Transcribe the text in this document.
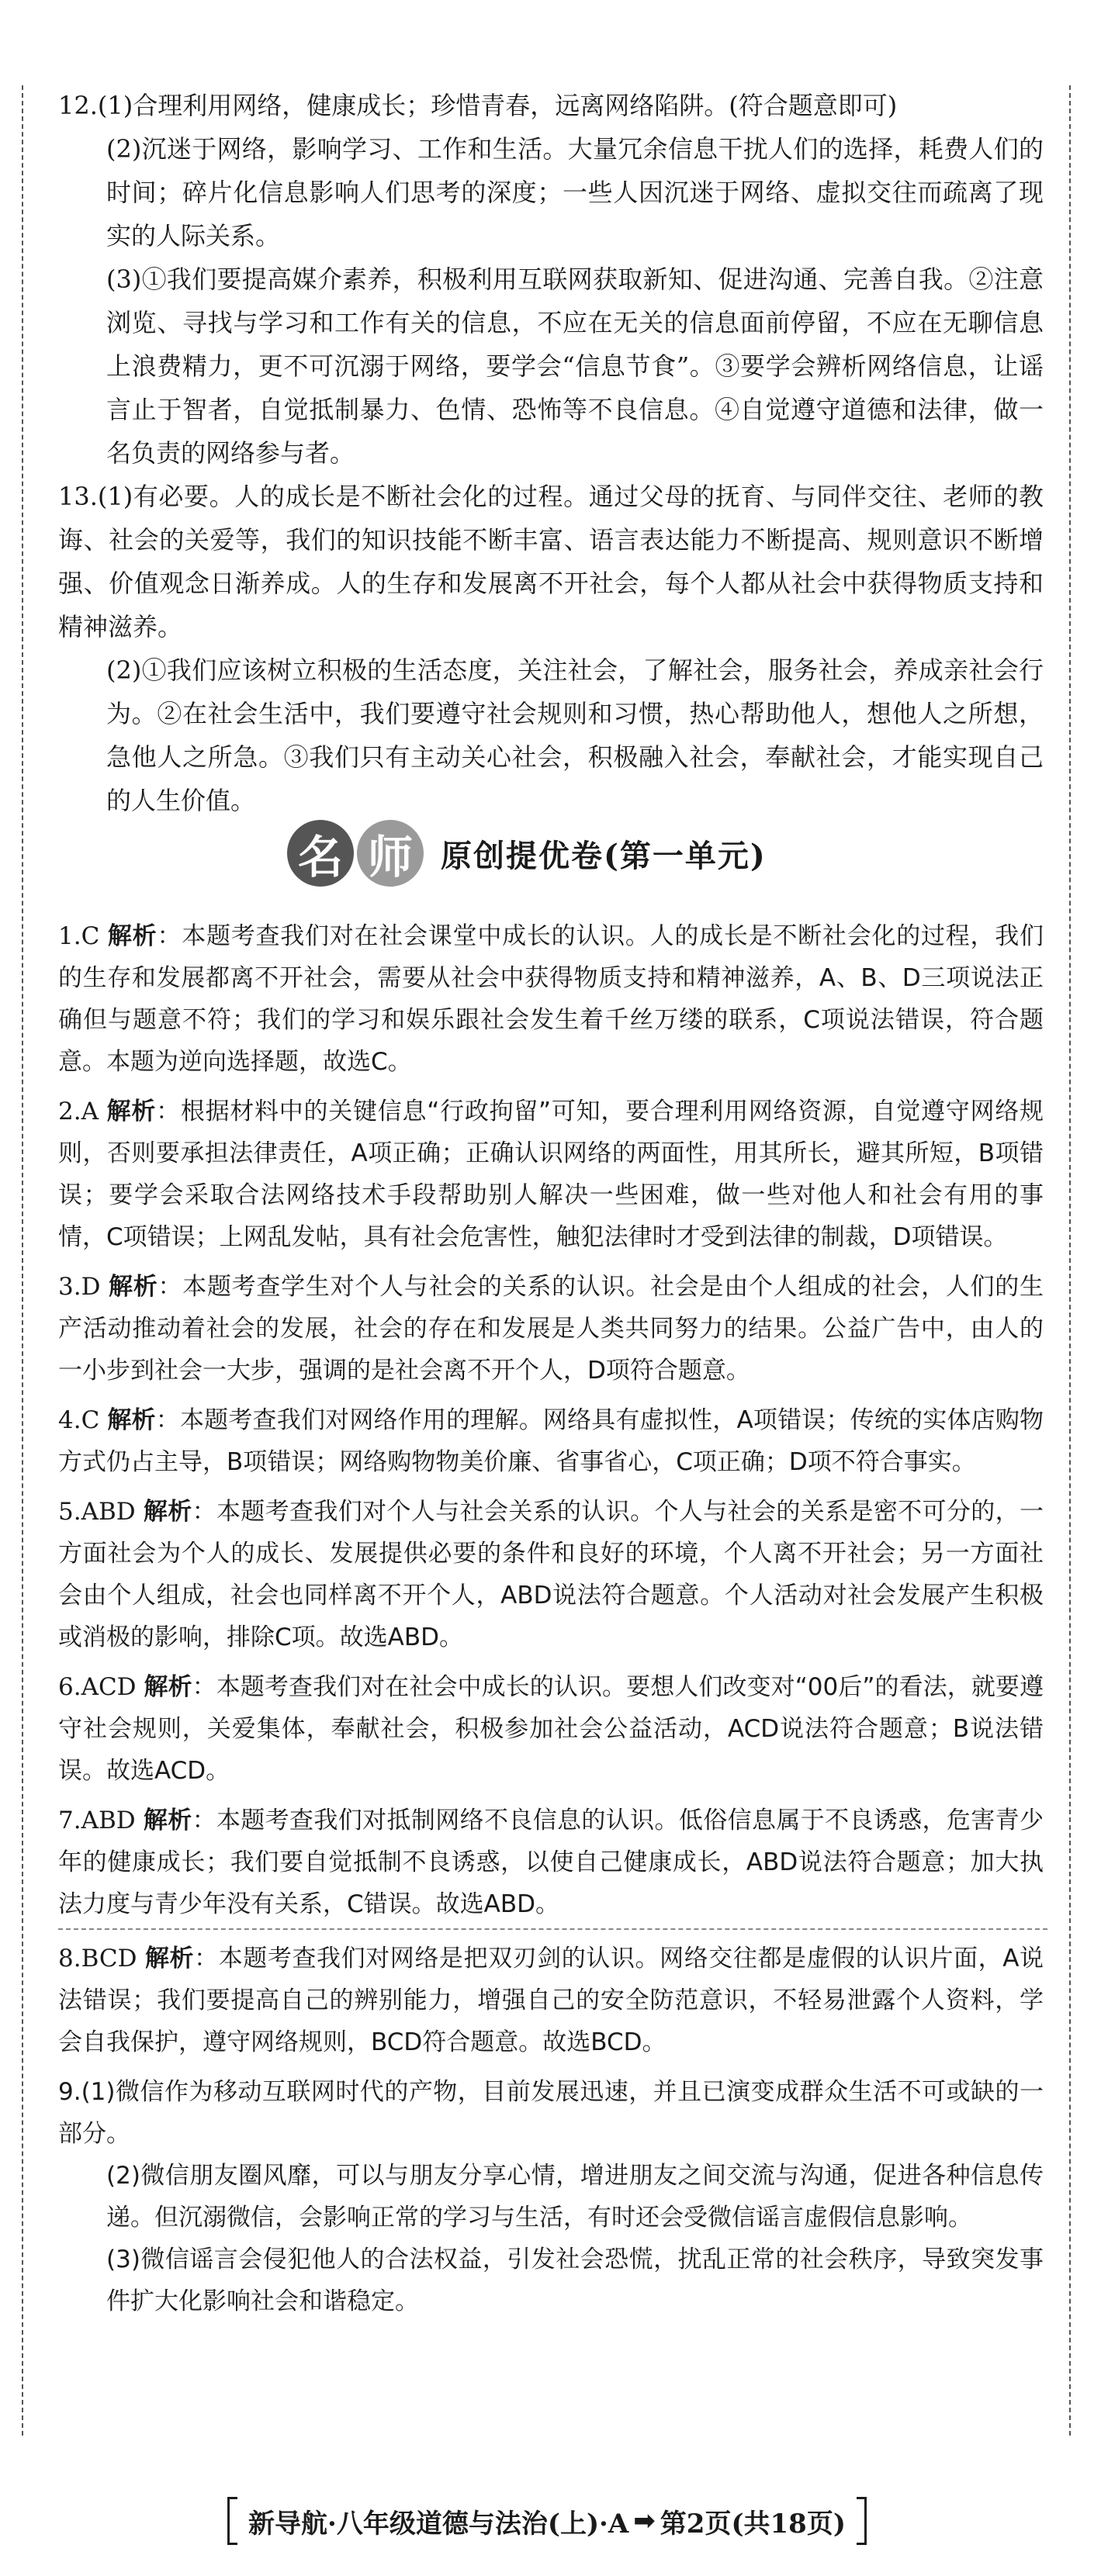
12.(1)合理利用网络，健康成长；珍惜青春，远离网络陷阱。(符合题意即可)

(2)沉迷于网络，影响学习、工作和生活。大量冗余信息干扰人们的选择，耗费人们的时间；碎片化信息影响人们思考的深度；一些人因沉迷于网络、虚拟交往而疏离了现实的人际关系。

(3)①我们要提高媒介素养，积极利用互联网获取新知、促进沟通、完善自我。②注意浏览、寻找与学习和工作有关的信息，不应在无关的信息面前停留，不应在无聊信息上浪费精力，更不可沉溺于网络，要学会“信息节食”。③要学会辨析网络信息，让谣言止于智者，自觉抵制暴力、色情、恐怖等不良信息。④自觉遵守道德和法律，做一名负责的网络参与者。

13.(1)有必要。人的成长是不断社会化的过程。通过父母的抚育、与同伴交往、老师的教诲、社会的关爱等，我们的知识技能不断丰富、语言表达能力不断提高、规则意识不断增强、价值观念日渐养成。人的生存和发展离不开社会，每个人都从社会中获得物质支持和精神滋养。

(2)①我们应该树立积极的生活态度，关注社会，了解社会，服务社会，养成亲社会行为。②在社会生活中，我们要遵守社会规则和习惯，热心帮助他人，想他人之所想，急他人之所急。③我们只有主动关心社会，积极融入社会，奉献社会，才能实现自己的人生价值。

名 师 原创提优卷(第一单元)

1.C 解析：本题考查我们对在社会课堂中成长的认识。人的成长是不断社会化的过程，我们的生存和发展都离不开社会，需要从社会中获得物质支持和精神滋养，A、B、D三项说法正确但与题意不符；我们的学习和娱乐跟社会发生着千丝万缕的联系，C项说法错误，符合题意。本题为逆向选择题，故选C。

2.A 解析：根据材料中的关键信息“行政拘留”可知，要合理利用网络资源，自觉遵守网络规则，否则要承担法律责任，A项正确；正确认识网络的两面性，用其所长，避其所短，B项错误；要学会采取合法网络技术手段帮助别人解决一些困难，做一些对他人和社会有用的事情，C项错误；上网乱发帖，具有社会危害性，触犯法律时才受到法律的制裁，D项错误。

3.D 解析：本题考查学生对个人与社会的关系的认识。社会是由个人组成的社会，人们的生产活动推动着社会的发展，社会的存在和发展是人类共同努力的结果。公益广告中，由人的一小步到社会一大步，强调的是社会离不开个人，D项符合题意。

4.C 解析：本题考查我们对网络作用的理解。网络具有虚拟性，A项错误；传统的实体店购物方式仍占主导，B项错误；网络购物物美价廉、省事省心，C项正确；D项不符合事实。

5.ABD 解析：本题考查我们对个人与社会关系的认识。个人与社会的关系是密不可分的，一方面社会为个人的成长、发展提供必要的条件和良好的环境，个人离不开社会；另一方面社会由个人组成，社会也同样离不开个人，ABD说法符合题意。个人活动对社会发展产生积极或消极的影响，排除C项。故选ABD。

6.ACD 解析：本题考查我们对在社会中成长的认识。要想人们改变对“00后”的看法，就要遵守社会规则，关爱集体，奉献社会，积极参加社会公益活动，ACD说法符合题意；B说法错误。故选ACD。

7.ABD 解析：本题考查我们对抵制网络不良信息的认识。低俗信息属于不良诱惑，危害青少年的健康成长；我们要自觉抵制不良诱惑，以使自己健康成长，ABD说法符合题意；加大执法力度与青少年没有关系，C错误。故选ABD。

8.BCD 解析：本题考查我们对网络是把双刃剑的认识。网络交往都是虚假的认识片面，A说法错误；我们要提高自己的辨别能力，增强自己的安全防范意识，不轻易泄露个人资料，学会自我保护，遵守网络规则，BCD符合题意。故选BCD。

9.(1)微信作为移动互联网时代的产物，目前发展迅速，并且已演变成群众生活不可或缺的一部分。

(2)微信朋友圈风靡，可以与朋友分享心情，增进朋友之间交流与沟通，促进各种信息传递。但沉溺微信，会影响正常的学习与生活，有时还会受微信谣言虚假信息影响。

(3)微信谣言会侵犯他人的合法权益，引发社会恐慌，扰乱正常的社会秩序，导致突发事件扩大化影响社会和谐稳定。

新导航·八年级道德与法治(上)·A ➡ 第2页(共18页)
